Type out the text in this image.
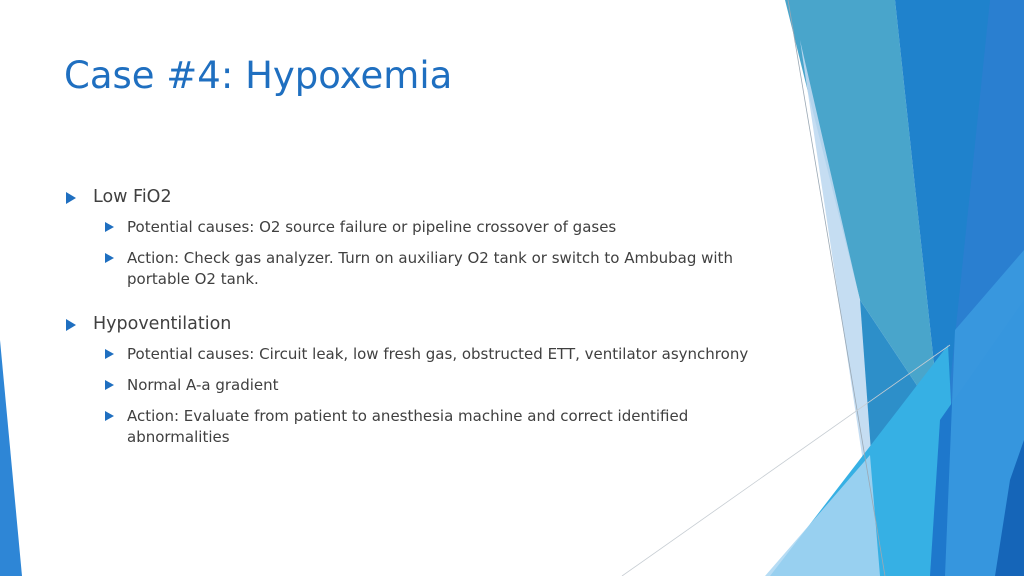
Case #4: Hypoxemia
Low FiO2
Potential causes: O2 source failure or pipeline crossover of gases
Action: Check gas analyzer. Turn on auxiliary O2 tank or switch to Ambubag with portable O2 tank.
Hypoventilation
Potential causes: Circuit leak, low fresh gas, obstructed ETT, ventilator asynchrony
Normal A-a gradient
Action: Evaluate from patient to anesthesia machine and correct identified abnormalities
